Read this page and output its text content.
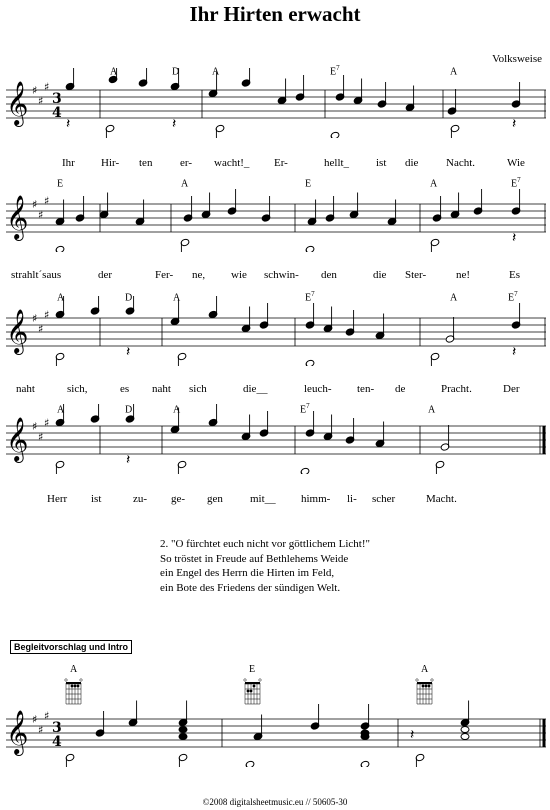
Ihr Hirten erwacht
Volksweise
𝄞 ♯
♯
♯
3
4
𝄽	𝄽	𝄽
A	D	A	$E^7$	A
Ihr Hir- ten	er- wacht!_ Er-	hellt_ ist die	Nacht.	Wie
𝄞 ♯
♯
♯
𝄽
E	A	E	A	$E^7$
strahlt´saus	der	Fer- ne, wie schwin- den	die Ster-	ne!	Es
𝄞 ♯
♯
♯
𝄽	𝄽
A	D	A	$E^7$	A	$E^7$
naht	sich,	es naht sich	die__	leuch- ten- de	Pracht.	Der
𝄞 ♯
♯
♯
𝄽
A	D	A	$E^7$	A
Herr ist	zu- ge- gen mit__ himm- li- scher	Macht.
2. "O fürchtet euch nicht vor göttlichem Licht!"
So tröstet in Freude auf Bethlehems Weide
ein Engel des Herrn die Hirten im Feld,
ein Bote des Friedens der sündigen Welt.
Begleitvorschlag und Intro
A	E	A
𝄞 ♯
♯
♯
3
4	𝄽
©2008 digitalsheetmusic.eu // 50605-30
